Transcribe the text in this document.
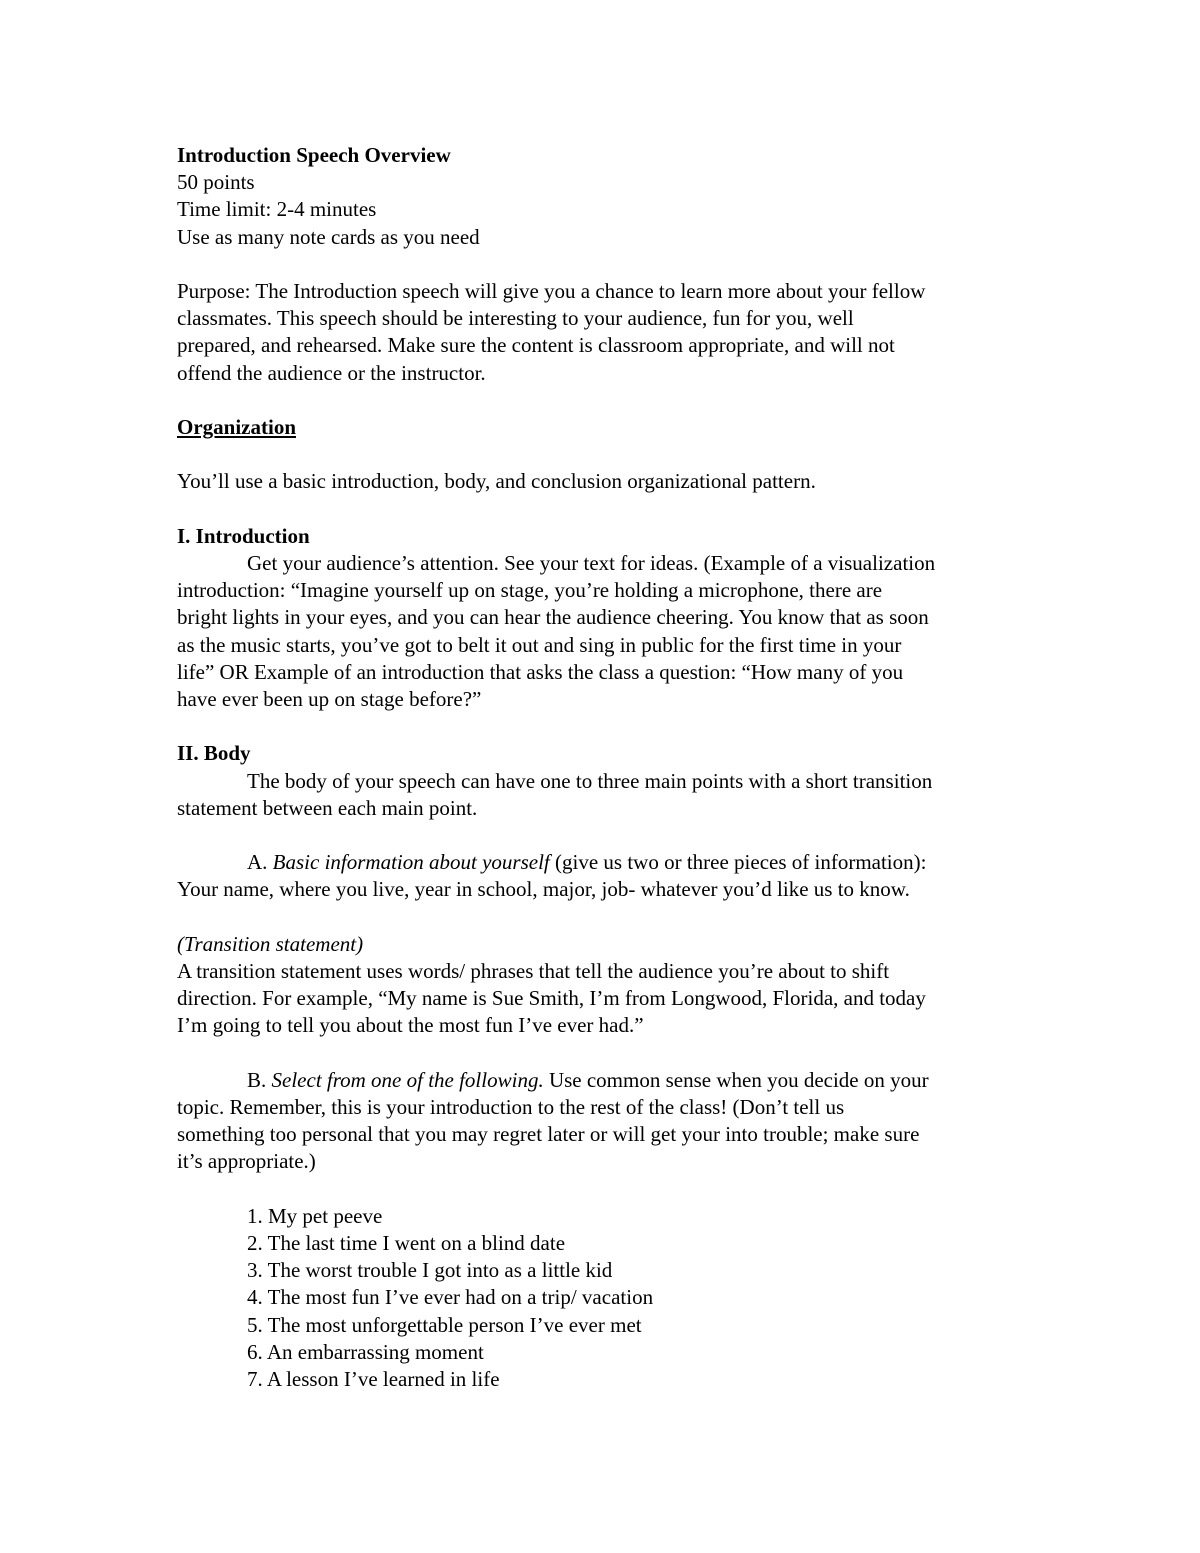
Introduction Speech Overview
50 points
Time limit: 2-4 minutes
Use as many note cards as you need
Purpose: The Introduction speech will give you a chance to learn more about your fellow
classmates. This speech should be interesting to your audience, fun for you, well
prepared, and rehearsed. Make sure the content is classroom appropriate, and will not
offend the audience or the instructor.
Organization
You’ll use a basic introduction, body, and conclusion organizational pattern.
I. Introduction
Get your audience’s attention. See your text for ideas. (Example of a visualization
introduction: “Imagine yourself up on stage, you’re holding a microphone, there are
bright lights in your eyes, and you can hear the audience cheering. You know that as soon
as the music starts, you’ve got to belt it out and sing in public for the first time in your
life” OR Example of an introduction that asks the class a question: “How many of you
have ever been up on stage before?”
II. Body
The body of your speech can have one to three main points with a short transition
statement between each main point.
A. Basic information about yourself (give us two or three pieces of information):
Your name, where you live, year in school, major, job- whatever you’d like us to know.
(Transition statement)
A transition statement uses words/ phrases that tell the audience you’re about to shift
direction. For example, “My name is Sue Smith, I’m from Longwood, Florida, and today
I’m going to tell you about the most fun I’ve ever had.”
B. Select from one of the following. Use common sense when you decide on your
topic. Remember, this is your introduction to the rest of the class! (Don’t tell us
something too personal that you may regret later or will get your into trouble; make sure
it’s appropriate.)
1. My pet peeve
2. The last time I went on a blind date
3. The worst trouble I got into as a little kid
4. The most fun I’ve ever had on a trip/ vacation
5. The most unforgettable person I’ve ever met
6. An embarrassing moment
7. A lesson I’ve learned in life
